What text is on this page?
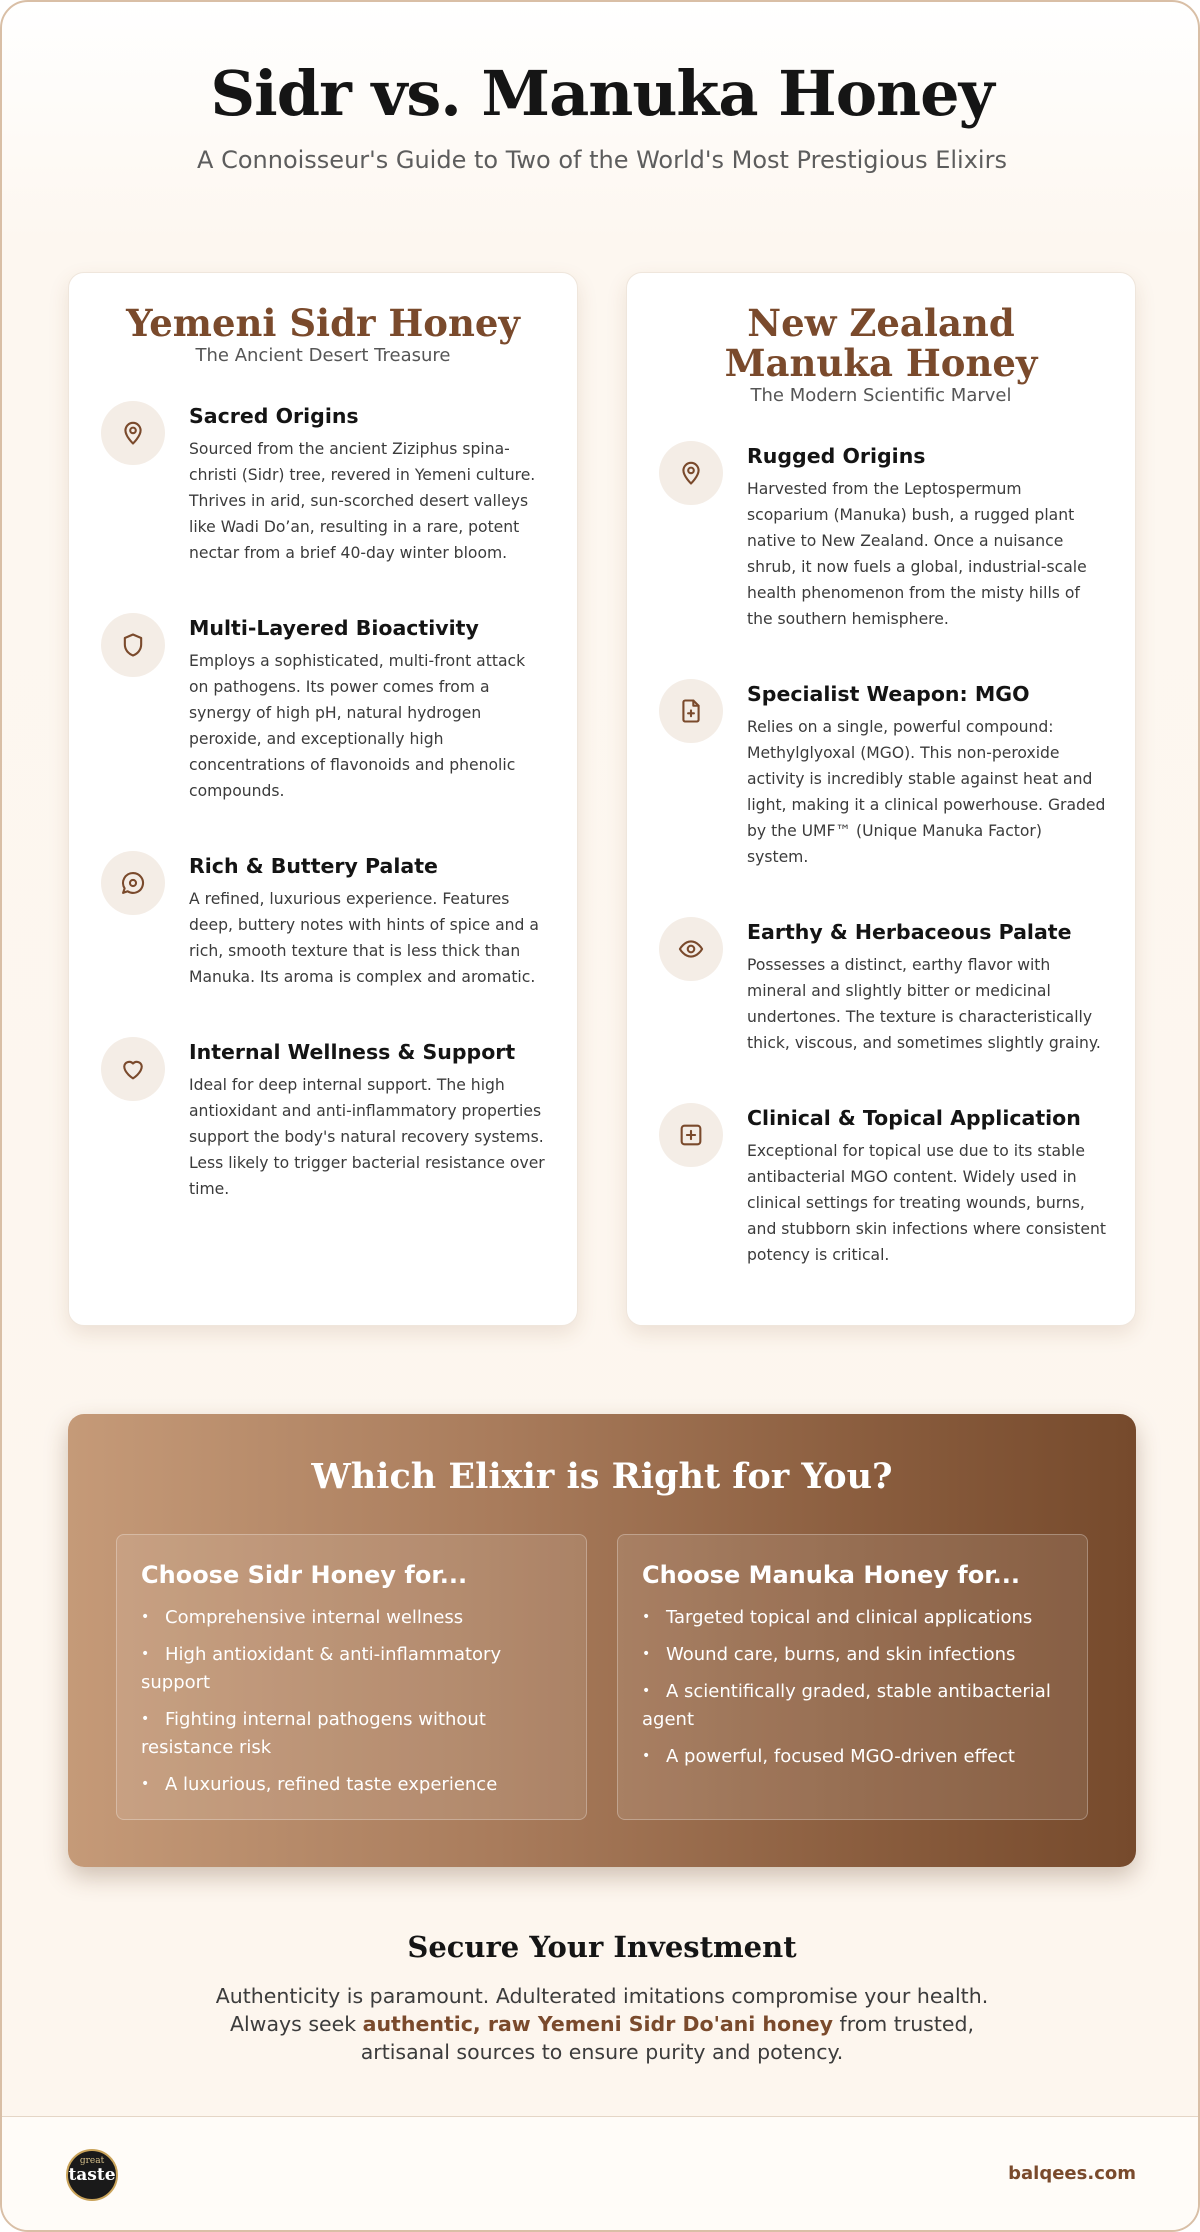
Sidr vs. Manuka Honey

A Connoisseur's Guide to Two of the World's Most Prestigious Elixirs

Yemeni Sidr Honey
The Ancient Desert Treasure
Sacred Origins

Sourced from the ancient Ziziphus spina-christi (Sidr) tree, revered in Yemeni culture. Thrives in arid, sun-scorched desert valleys like Wadi Do’an, resulting in a rare, potent nectar from a brief 40-day winter bloom.

Multi-Layered Bioactivity

Employs a sophisticated, multi-front attack on pathogens. Its power comes from a synergy of high pH, natural hydrogen peroxide, and exceptionally high concentrations of flavonoids and phenolic compounds.

Rich & Buttery Palate

A refined, luxurious experience. Features deep, buttery notes with hints of spice and a rich, smooth texture that is less thick than Manuka. Its aroma is complex and aromatic.

Internal Wellness & Support

Ideal for deep internal support. The high antioxidant and anti-inflammatory properties support the body's natural recovery systems. Less likely to trigger bacterial resistance over time.

New Zealand Manuka Honey
The Modern Scientific Marvel
Rugged Origins

Harvested from the Leptospermum scoparium (Manuka) bush, a rugged plant native to New Zealand. Once a nuisance shrub, it now fuels a global, industrial-scale health phenomenon from the misty hills of the southern hemisphere.

Specialist Weapon: MGO

Relies on a single, powerful compound: Methylglyoxal (MGO). This non-peroxide activity is incredibly stable against heat and light, making it a clinical powerhouse. Graded by the UMF™ (Unique Manuka Factor) system.

Earthy & Herbaceous Palate

Possesses a distinct, earthy flavor with mineral and slightly bitter or medicinal undertones. The texture is characteristically thick, viscous, and sometimes slightly grainy.

Clinical & Topical Application

Exceptional for topical use due to its stable antibacterial MGO content. Widely used in clinical settings for treating wounds, burns, and stubborn skin infections where consistent potency is critical.

Which Elixir is Right for You?
Choose Sidr Honey for...
• Comprehensive internal wellness
• High antioxidant & anti-inflammatory support
• Fighting internal pathogens without resistance risk
• A luxurious, refined taste experience
Choose Manuka Honey for...
• Targeted topical and clinical applications
• Wound care, burns, and skin infections
• A scientifically graded, stable antibacterial agent
• A powerful, focused MGO-driven effect
Secure Your Investment

Authenticity is paramount. Adulterated imitations compromise your health. Always seek authentic, raw Yemeni Sidr Do'ani honey from trusted, artisanal sources to ensure purity and potency.

great
taste	balqees.com
